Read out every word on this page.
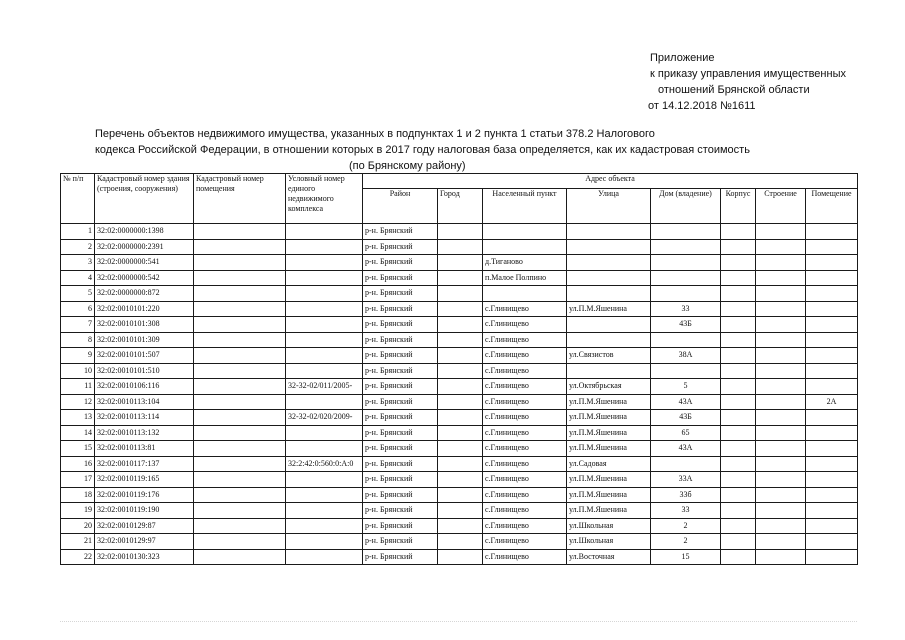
Приложение
к приказу управления имущественных
отношений Брянской области
от 14.12.2018 №1611
Перечень объектов недвижимого имущества, указанных в подпунктах 1 и 2 пункта 1 статьи 378.2 Налогового
кодекса Российской Федерации, в отношении которых в 2017 году налоговая база определяется, как их кадастровая стоимость
(по Брянскому району)
№ п/п	Кадастровый номер здания (строения, сооружения)	Кадастровый номер помещения	Условный номер единого недвижимого комплекса	Адрес объекта							
				Район	Город	Населенный пункт	Улица	Дом (владение)	Корпус	Строение	Помещение
1	32:02:0000000:1398			р-н. Брянский							
2	32:02:0000000:2391			р-н. Брянский							
3	32:02:0000000:541			р-н. Брянский		д.Тиганово					
4	32:02:0000000:542			р-н. Брянский		п.Малое Полпино					
5	32:02:0000000:872			р-н. Брянский							
6	32:02:0010101:220			р-н. Брянский		с.Глинищево	ул.П.М.Яшенина	33			
7	32:02:0010101:308			р-н. Брянский		с.Глинищево		43Б			
8	32:02:0010101:309			р-н. Брянский		с.Глинищево					
9	32:02:0010101:507			р-н. Брянский		с.Глинищево	ул.Связистов	38А			
10	32:02:0010101:510			р-н. Брянский		с.Глинищево					
11	32:02:0010106:116		32-32-02/011/2005-	р-н. Брянский		с.Глинищево	ул.Октябрьская	5			
12	32:02:0010113:104			р-н. Брянский		с.Глинищево	ул.П.М.Яшенина	43А			2А
13	32:02:0010113:114		32-32-02/020/2009-	р-н. Брянский		с.Глинищево	ул.П.М.Яшенина	43Б			
14	32:02:0010113:132			р-н. Брянский		с.Глинищево	ул.П.М.Яшенина	65			
15	32:02:0010113:81			р-н. Брянский		с.Глинищево	ул.П.М.Яшенина	43А			
16	32:02:0010117:137		32:2:42:0:560:0:А:0	р-н. Брянский		с.Глинищево	ул.Садовая				
17	32:02:0010119:165			р-н. Брянский		с.Глинищево	ул.П.М.Яшенина	33А			
18	32:02:0010119:176			р-н. Брянский		с.Глинищево	ул.П.М.Яшенина	33б			
19	32:02:0010119:190			р-н. Брянский		с.Глинищево	ул.П.М.Яшенина	33			
20	32:02:0010129:87			р-н. Брянский		с.Глинищево	ул.Школьная	2			
21	32:02:0010129:97			р-н. Брянский		с.Глинищево	ул.Школьная	2			
22	32:02:0010130:323			р-н. Брянский		с.Глинищево	ул.Восточная	15			
